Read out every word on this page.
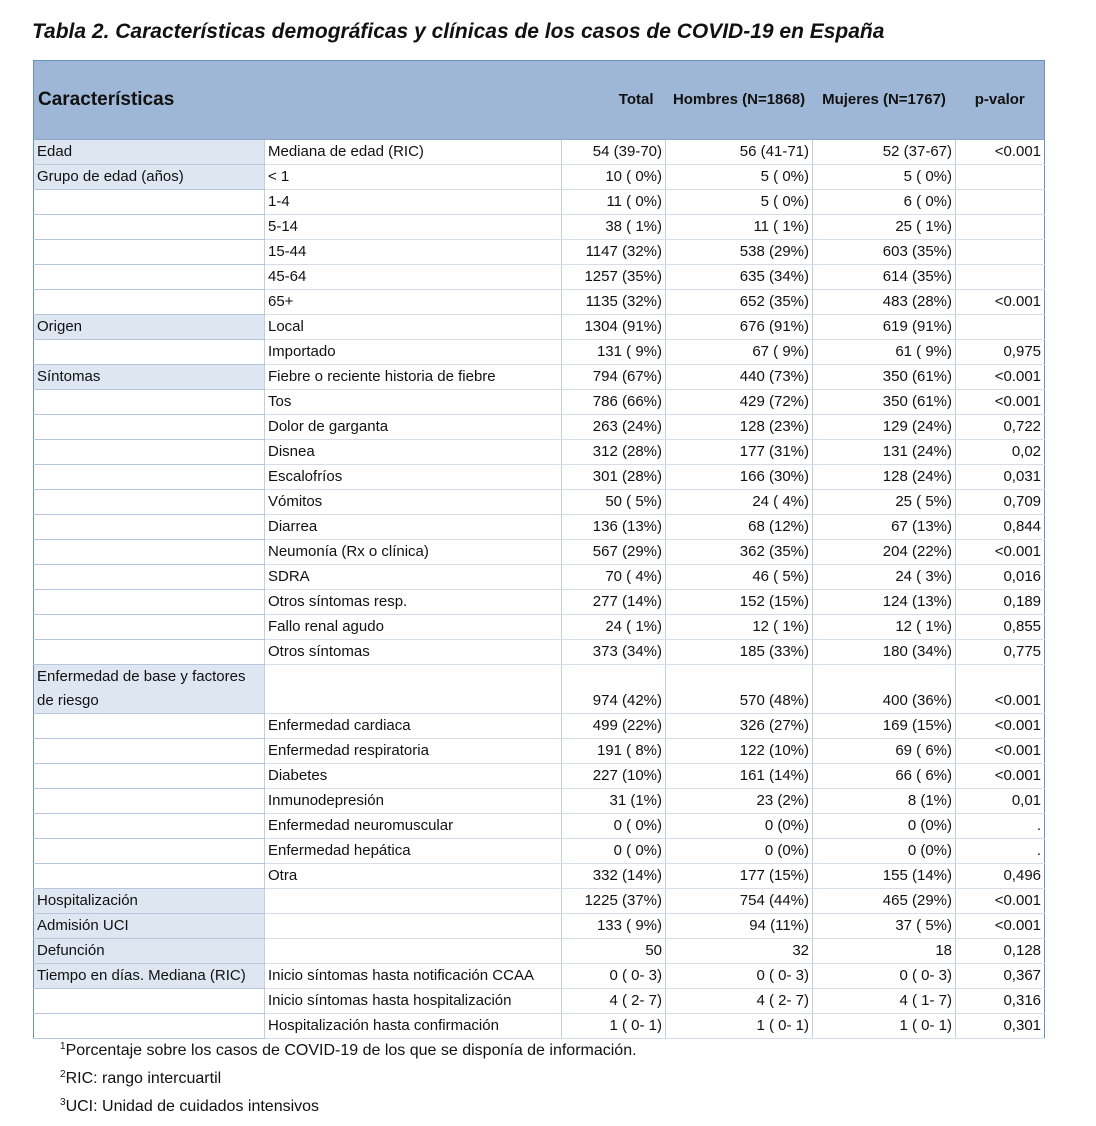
Tabla 2. Características demográficas y clínicas de los casos de COVID-19 en España
Características		Total	Hombres (N=1868)	Mujeres (N=1767)	p-valor
Edad	Mediana de edad (RIC)	54 (39-70)	56 (41-71)	52 (37-67)	<0.001
Grupo de edad (años)	< 1	10 ( 0%)	5 ( 0%)	5 ( 0%)	
	1-4	11 ( 0%)	5 ( 0%)	6 ( 0%)	
	5-14	38 ( 1%)	11 ( 1%)	25 ( 1%)	
	15-44	1147 (32%)	538 (29%)	603 (35%)	
	45-64	1257 (35%)	635 (34%)	614 (35%)	
	65+	1135 (32%)	652 (35%)	483 (28%)	<0.001
Origen	Local	1304 (91%)	676 (91%)	619 (91%)	
	Importado	131 ( 9%)	67 ( 9%)	61 ( 9%)	0,975
Síntomas	Fiebre o reciente historia de fiebre	794 (67%)	440 (73%)	350 (61%)	<0.001
	Tos	786 (66%)	429 (72%)	350 (61%)	<0.001
	Dolor de garganta	263 (24%)	128 (23%)	129 (24%)	0,722
	Disnea	312 (28%)	177 (31%)	131 (24%)	0,02
	Escalofríos	301 (28%)	166 (30%)	128 (24%)	0,031
	Vómitos	50 ( 5%)	24 ( 4%)	25 ( 5%)	0,709
	Diarrea	136 (13%)	68 (12%)	67 (13%)	0,844
	Neumonía (Rx o clínica)	567 (29%)	362 (35%)	204 (22%)	<0.001
	SDRA	70 ( 4%)	46 ( 5%)	24 ( 3%)	0,016
	Otros síntomas resp.	277 (14%)	152 (15%)	124 (13%)	0,189
	Fallo renal agudo	24 ( 1%)	12 ( 1%)	12 ( 1%)	0,855
	Otros síntomas	373 (34%)	185 (33%)	180 (34%)	0,775
Enfermedad de base y factores de riesgo		974 (42%)	570 (48%)	400 (36%)	<0.001
	Enfermedad cardiaca	499 (22%)	326 (27%)	169 (15%)	<0.001
	Enfermedad respiratoria	191 ( 8%)	122 (10%)	69 ( 6%)	<0.001
	Diabetes	227 (10%)	161 (14%)	66 ( 6%)	<0.001
	Inmunodepresión	31 (1%)	23 (2%)	8 (1%)	0,01
	Enfermedad neuromuscular	0 ( 0%)	0 (0%)	0 (0%)	.
	Enfermedad hepática	0 ( 0%)	0 (0%)	0 (0%)	.
	Otra	332 (14%)	177 (15%)	155 (14%)	0,496
Hospitalización		1225 (37%)	754 (44%)	465 (29%)	<0.001
Admisión UCI		133 ( 9%)	94 (11%)	37 ( 5%)	<0.001
Defunción		50	32	18	0,128
Tiempo en días. Mediana (RIC)	Inicio síntomas hasta notificación CCAA	0 ( 0- 3)	0 ( 0- 3)	0 ( 0- 3)	0,367
	Inicio síntomas hasta hospitalización	4 ( 2- 7)	4 ( 2- 7)	4 ( 1- 7)	0,316
	Hospitalización hasta confirmación	1 ( 0- 1)	1 ( 0- 1)	1 ( 0- 1)	0,301
$^1$Porcentaje sobre los casos de COVID-19 de los que se disponía de información.
$^2$RIC: rango intercuartil
$^3$UCI: Unidad de cuidados intensivos
